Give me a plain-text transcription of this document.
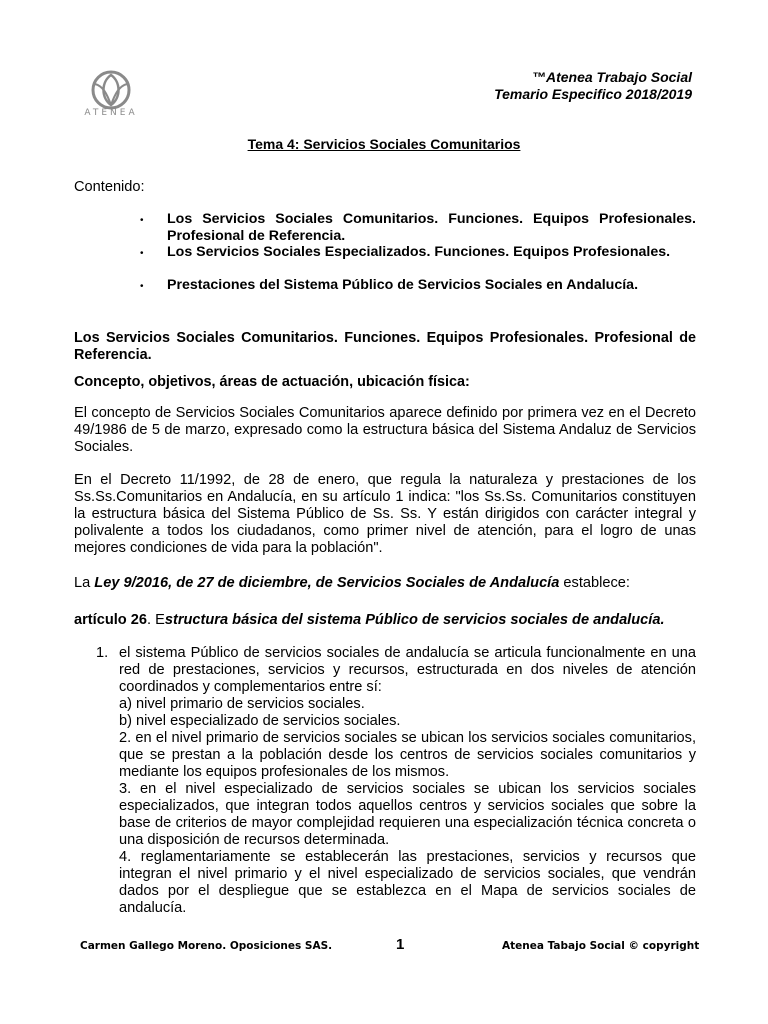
ATENEA
™Atenea Trabajo Social
Temario Especifico 2018/2019
Tema 4: Servicios Sociales Comunitarios
Contenido:
•	Los Servicios Sociales Comunitarios. Funciones. Equipos Profesionales. Profesional de Referencia.
•	Los Servicios Sociales Especializados. Funciones. Equipos Profesionales.
•	Prestaciones del Sistema Público de Servicios Sociales en Andalucía.
Los Servicios Sociales Comunitarios. Funciones. Equipos Profesionales. Profesional de Referencia.
Concepto, objetivos, áreas de actuación, ubicación física:
El concepto de Servicios Sociales Comunitarios aparece definido por primera vez en el Decreto 49/1986 de 5 de marzo, expresado como la estructura básica del Sistema Andaluz de Servicios Sociales.
En el Decreto 11/1992, de 28 de enero, que regula la naturaleza y prestaciones de los Ss.Ss.Comunitarios en Andalucía, en su artículo 1 indica: "los Ss.Ss. Comunitarios constituyen la estructura básica del Sistema Público de Ss. Ss. Y están dirigidos con carácter integral y polivalente a todos los ciudadanos, como primer nivel de atención, para el logro de unas mejores condiciones de vida para la población".
La Ley 9/2016, de 27 de diciembre, de Servicios Sociales de Andalucía establece:
artículo 26. Estructura básica del sistema Público de servicios sociales de andalucía.
1. el sistema Público de servicios sociales de andalucía se articula funcionalmente en una red de prestaciones, servicios y recursos, estructurada en dos niveles de atención coordinados y complementarios entre sí:
a) nivel primario de servicios sociales.
b) nivel especializado de servicios sociales.
2. en el nivel primario de servicios sociales se ubican los servicios sociales comunitarios, que se prestan a la población desde los centros de servicios sociales comunitarios y mediante los equipos profesionales de los mismos.
3. en el nivel especializado de servicios sociales se ubican los servicios sociales especializados, que integran todos aquellos centros y servicios sociales que sobre la base de criterios de mayor complejidad requieren una especialización técnica concreta o una disposición de recursos determinada.
4. reglamentariamente se establecerán las prestaciones, servicios y recursos que integran el nivel primario y el nivel especializado de servicios sociales, que vendrán dados por el despliegue que se establezca en el Mapa de servicios sociales de andalucía.
Carmen Gallego Moreno. Oposiciones SAS.	1	Atenea Tabajo Social © copyright
